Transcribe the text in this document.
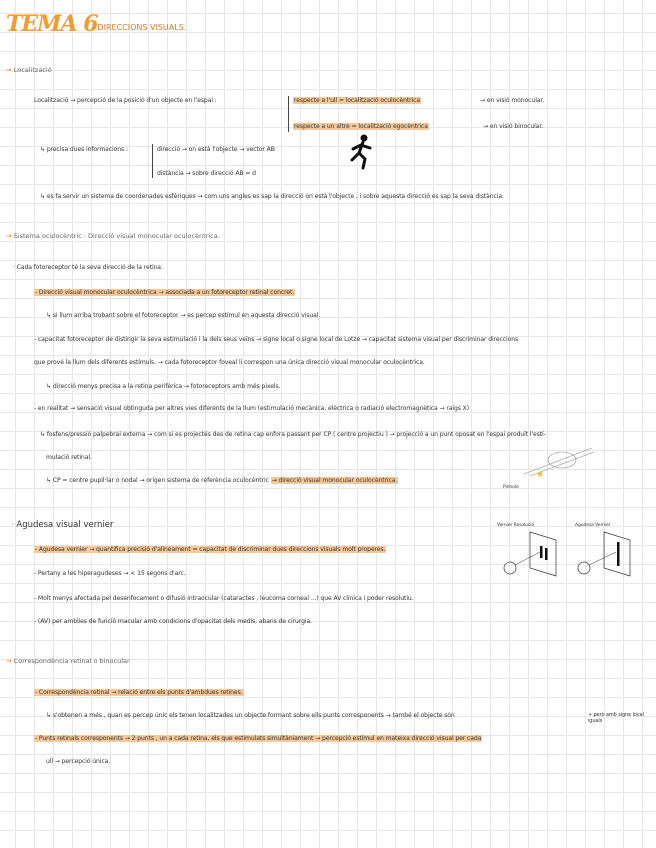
TEMA 6
- DIRECCIONS VISUALS.
→ Localització
Localització → percepció de la posició d'un objecte en l'espai :	respecte a l'ull = localització oculocèntrica	→ en visió monocular.
respecte a un altre = localització egocèntrica	→ en visió binocular.
↳ precisa dues informacions :	direcció → on està l'objecte → vector AB
distància → sobre direcció AB = d
↳ es fa servir un sistema de coordenades esfèriques → com uns angles es sap la direcció on està l'objecte , i sobre aquesta direcció es sap la seva distància.
→ Sistema oculocèntric : Direcció visual monocular oculocèntrica.
· Cada fotoreceptor té la seva direcció de la retina.
- Direcció visual monocular oculocèntrica → associada a un fotoreceptor retinal concret.
↳ si llum arriba trobant sobre el fotoreceptor → es percep estímul en aquesta direcció visual.
- capacitat fotoreceptor de distingir la seva estimulació i la dels seus veïns → signe local o signe local de Lotze → capacitat sistema visual per discriminar direccions
que prové la llum dels diferents estímuls. → cada fotoreceptor foveal li correspon una única direcció visual monocular oculocèntrica.
↳ direcció menys precisa a la retina perifèrica → fotoreceptors amb més pixels.
- en realitat → sensació visual obtinguda per altres vies diferents de la llum (estimulació mecànica, elèctrica o radiació electromagnètica → raigs X)
↳ fosfens/pressió palpebral externa → com si es projectés des de retina cap enfora passant per CP ( centre projectiu ) → projecció a un punt oposat en l'espai produït l'estí-
mulació retinal.
↳ CP = centre pupil·lar o nodal → origen sistema de referència oculocèntric → direcció visual monocular oculocèntrica.
· Agudesa visual vernier
Pinhole
Vernier Resolució	Agudesa Vernier
- Agudesa vernier → quantifica precisió d'alineament = capacitat de discriminar dues direccions visuals molt properes.
- Pertany a les hiperagudeses → < 15 segons d'arc.
- Molt menys afectada pel desenfocament o difusió intraocular (cataractes , leucoma corneal ...) que AV clínica i poder resolutiu.
- (AV) per amblies de funció macular amb condicions d'opacitat dels medis, abans de cirurgia.
→ Correspondència retinal o binocular
- Correspondència retinal → relació entre els punts d'ambdues retines.
↳ s'obtenen a més , quan es percep únic els tenen localitzades un objecte formant sobre ells punts corresponents → també el objecte són	+ però amb signe local iguals
- Punts retinals corresponents → 2 punts , un a cada retina, els que estimulats simultàniament → percepció estímul en mateixa direcció visual per cada
ull → percepció única.
